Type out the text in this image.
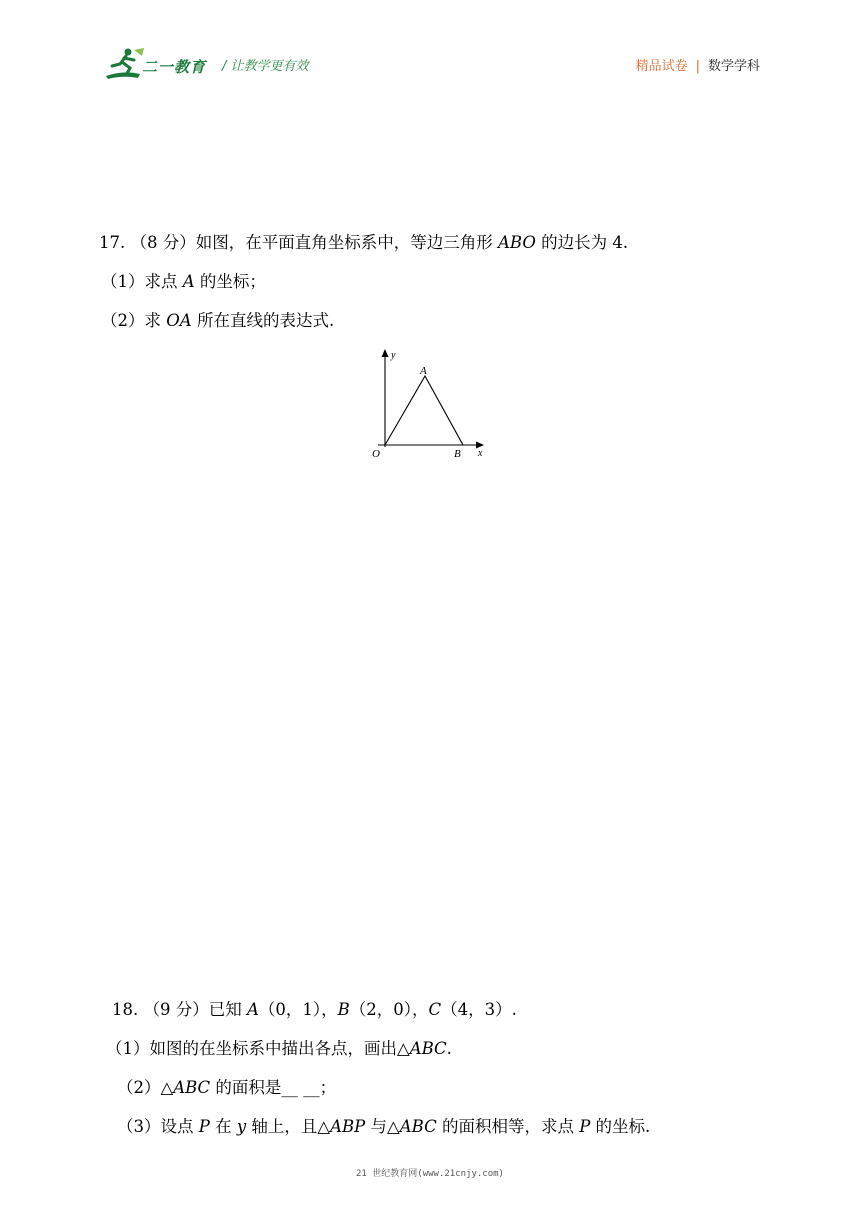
二一教育 / 让教学更有效	精品试卷 | 数学学科
17. （8 分）如图，在平面直角坐标系中，等边三角形 ABO 的边长为 4.
（1）求点 A 的坐标；
（2）求 OA 所在直线的表达式.
y
x
O
A
B
18. （9 分）已知 A（0，1），B（2，0），C（4，3）.
（1）如图的在坐标系中描出各点，画出△ABC.
（2）△ABC 的面积是__ __；
（3）设点 P 在 y 轴上，且△ABP 与△ABC 的面积相等，求点 P 的坐标.
21 世纪教育网(www.21cnjy.com)
